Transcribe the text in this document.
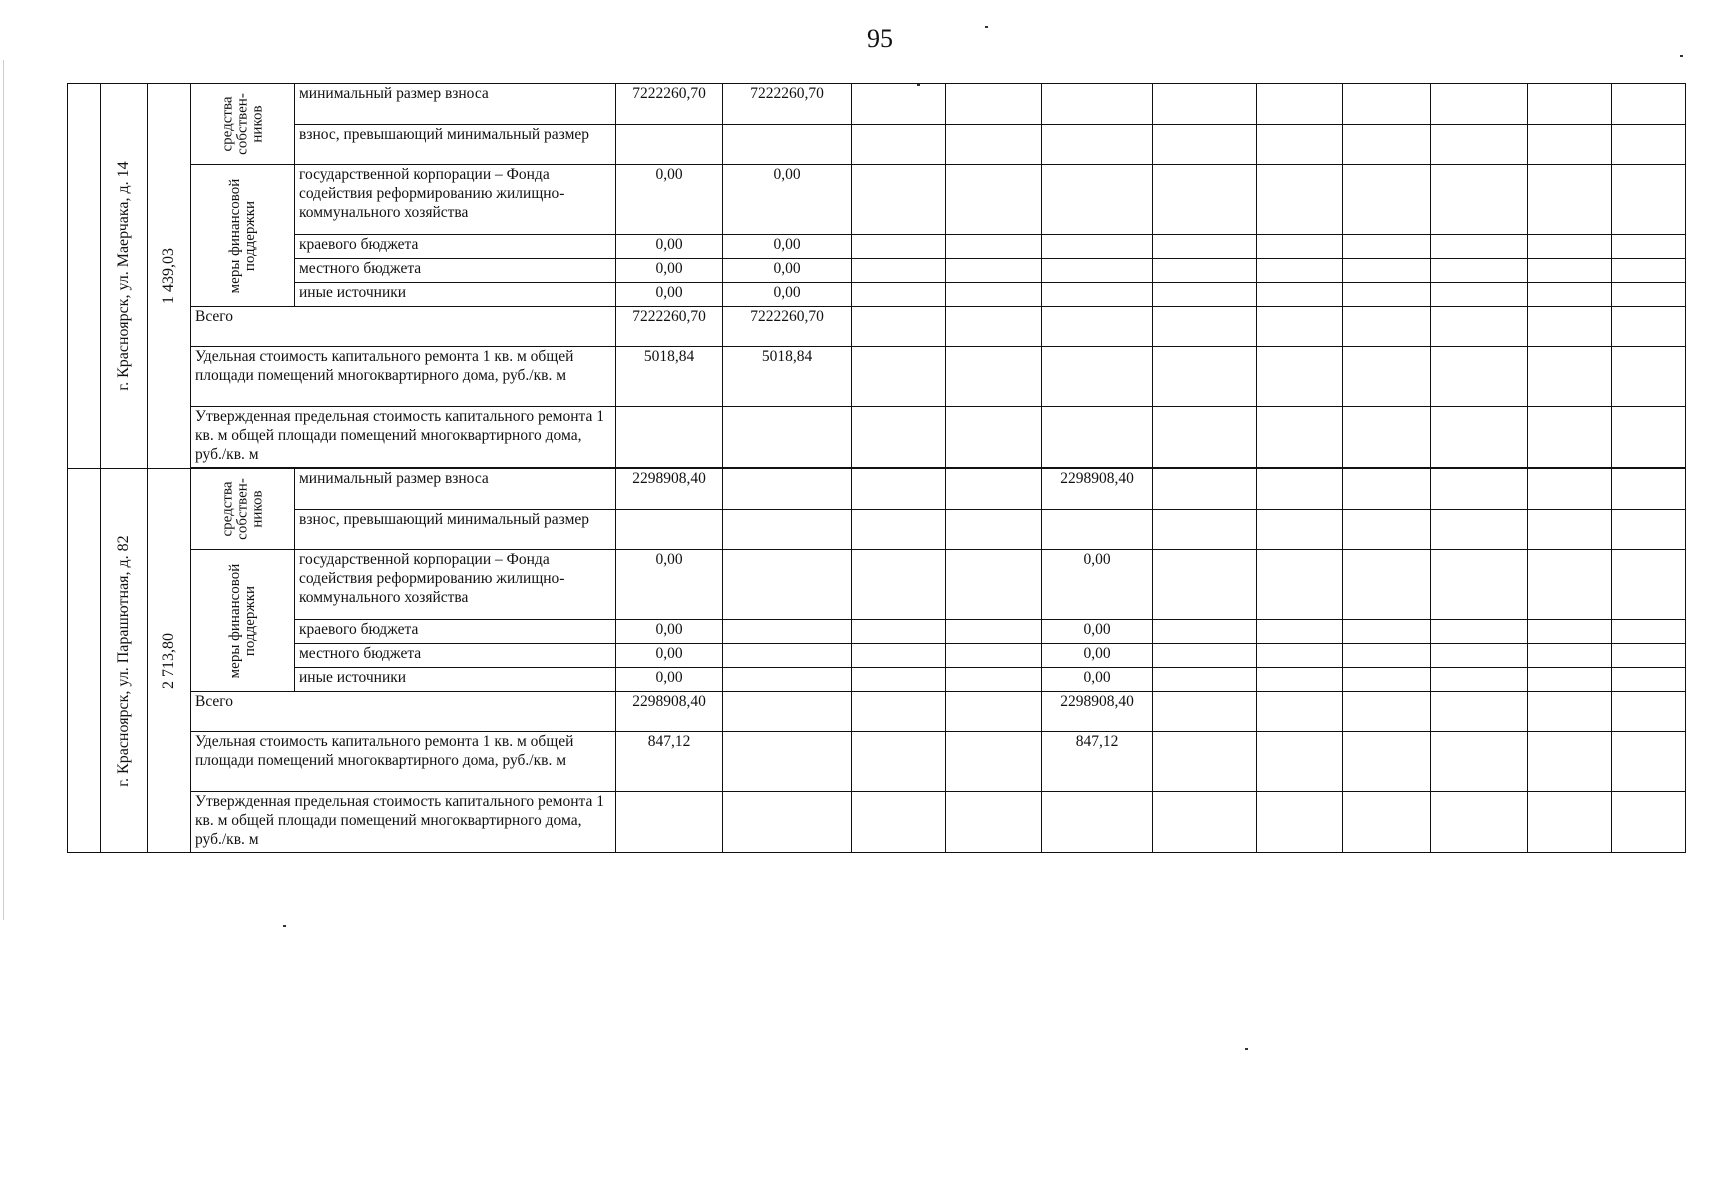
95

	г. Красноярск, ул. Маерчака, д. 14	1 439,03	средства собствен-ников	минимальный размер взноса	7222260,70	7222260,70									
				взнос, превышающий минимальный размер											

			меры финансовой поддержки	государственной корпорации – Фонда содействия реформированию жилищно-коммунального хозяйства	0,00	0,00									
				краевого бюджета	0,00	0,00									
				местного бюджета	0,00	0,00									
				иные источники	0,00	0,00									
			Всего		7222260,70	7222260,70									
			Удельная стоимость капитального ремонта 1 кв. м общей площади помещений многоквартирного дома, руб./кв. м		5018,84	5018,84									
			Утвержденная предельная стоимость капитального ремонта 1 кв. м общей площади помещений многоквартирного дома, руб./кв. м												

	г. Красноярск, ул. Парашютная, д. 82	2 713,80	средства собствен-ников	минимальный размер взноса	2298908,40				2298908,40						
				взнос, превышающий минимальный размер											

			меры финансовой поддержки	государственной корпорации – Фонда содействия реформированию жилищно-коммунального хозяйства	0,00				0,00						
				краевого бюджета	0,00				0,00						
				местного бюджета	0,00				0,00						
				иные источники	0,00				0,00						
			Всего		2298908,40				2298908,40						
			Удельная стоимость капитального ремонта 1 кв. м общей площади помещений многоквартирного дома, руб./кв. м		847,12				847,12						
			Утвержденная предельная стоимость капитального ремонта 1 кв. м общей площади помещений многоквартирного дома, руб./кв. м												
